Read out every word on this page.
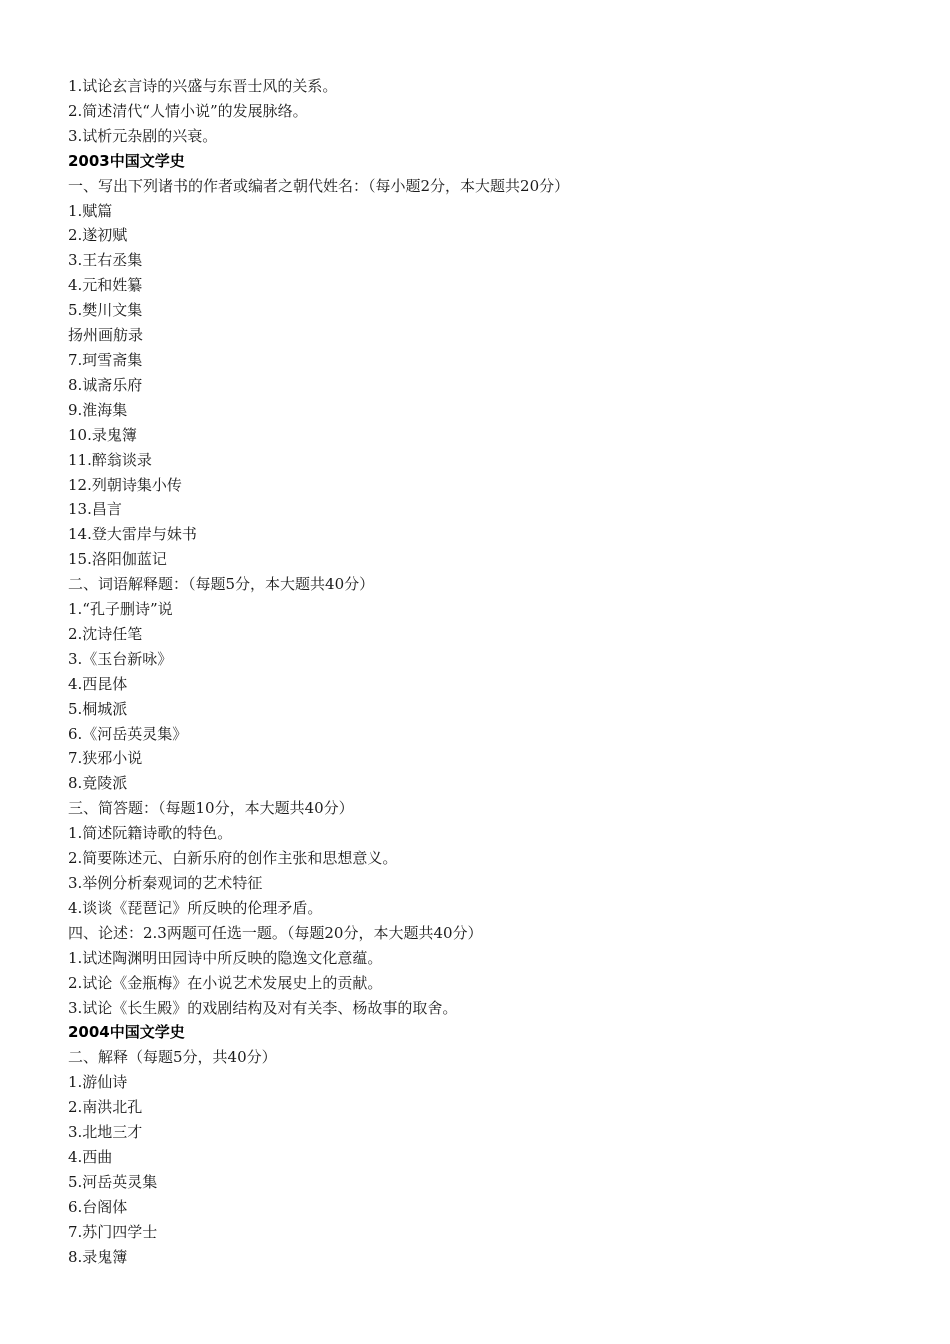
1.试论玄言诗的兴盛与东晋士风的关系。
2.简述清代“人情小说”的发展脉络。
3.试析元杂剧的兴衰。
2003中国文学史
一、写出下列诸书的作者或编者之朝代姓名：（每小题2分，本大题共20分）
1.赋篇
2.遂初赋
3.王右丞集
4.元和姓纂
5.樊川文集
扬州画舫录
7.珂雪斋集
8.诚斋乐府
9.淮海集
10.录鬼簿
11.醉翁谈录
12.列朝诗集小传
13.昌言
14.登大雷岸与妹书
15.洛阳伽蓝记
二、词语解释题：（每题5分，本大题共40分）
1.“孔子删诗”说
2.沈诗任笔
3.《玉台新咏》
4.西昆体
5.桐城派
6.《河岳英灵集》
7.狭邪小说
8.竟陵派
三、简答题：（每题10分，本大题共40分）
1.简述阮籍诗歌的特色。
2.简要陈述元、白新乐府的创作主张和思想意义。
3.举例分析秦观词的艺术特征
4.谈谈《琵琶记》所反映的伦理矛盾。
四、论述：2.3两题可任选一题。（每题20分，本大题共40分）
1.试述陶渊明田园诗中所反映的隐逸文化意蕴。
2.试论《金瓶梅》在小说艺术发展史上的贡献。
3.试论《长生殿》的戏剧结构及对有关李、杨故事的取舍。
2004中国文学史
二、解释（每题5分，共40分）
1.游仙诗
2.南洪北孔
3.北地三才
4.西曲
5.河岳英灵集
6.台阁体
7.苏门四学士
8.录鬼簿
